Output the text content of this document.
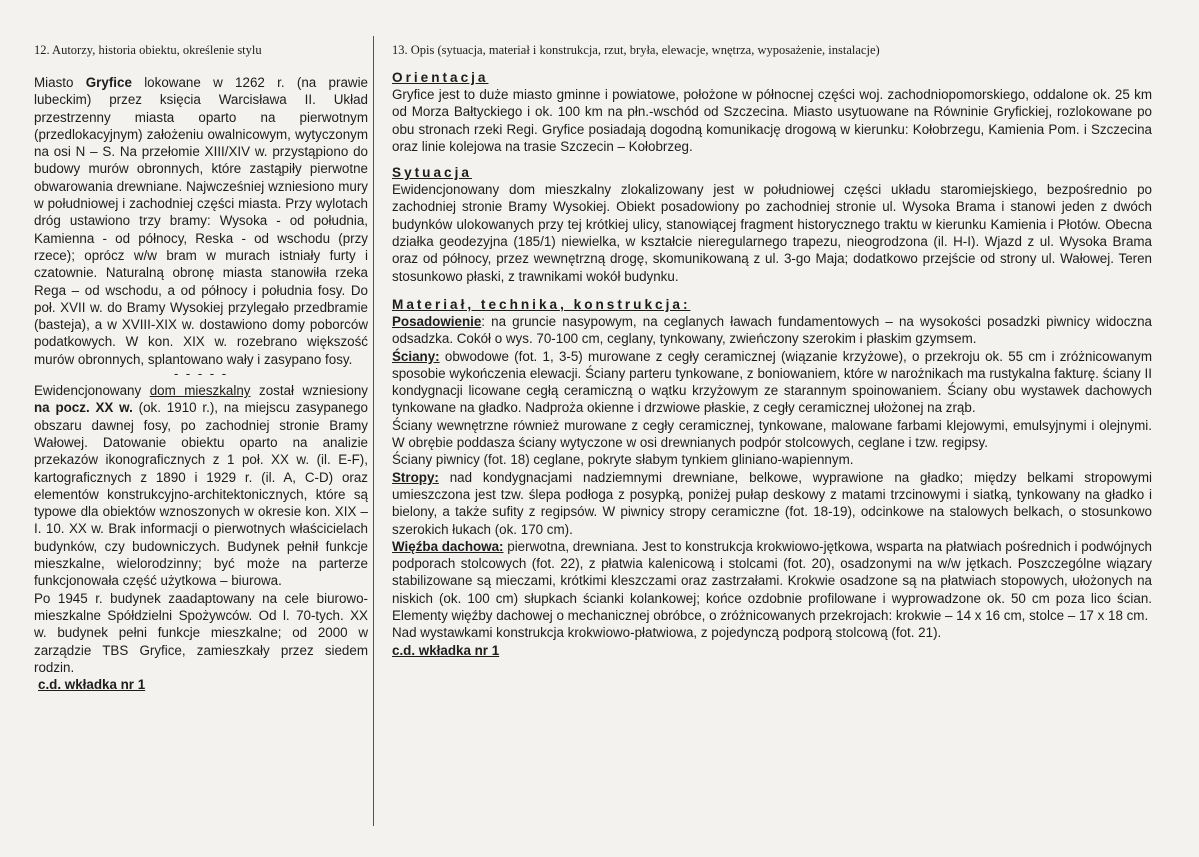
12. Autorzy, historia obiektu, określenie stylu

Miasto Gryfice lokowane w 1262 r. (na prawie lubeckim) przez księcia Warcisława II. Układ przestrzenny miasta oparto na pierwotnym (przedlokacyjnym) założeniu owalnicowym, wytyczonym na osi N – S. Na przełomie XIII/XIV w. przystąpiono do budowy murów obronnych, które zastąpiły pierwotne obwarowania drewniane. Najwcześniej wzniesiono mury w południowej i zachodniej części miasta. Przy wylotach dróg ustawiono trzy bramy: Wysoka - od południa, Kamienna - od północy, Reska - od wschodu (przy rzece); oprócz w/w bram w murach istniały furty i czatownie. Naturalną obronę miasta stanowiła rzeka Rega – od wschodu, a od północy i południa fosy. Do poł. XVII w. do Bramy Wysokiej przylegało przedbramie (basteja), a w XVIII-XIX w. dostawiono domy poborców podatkowych. W kon. XIX w. rozebrano większość murów obronnych, splantowano wały i zasypano fosy.

- - - - -

Ewidencjonowany dom mieszkalny został wzniesiony na pocz. XX w. (ok. 1910 r.), na miejscu zasypanego obszaru dawnej fosy, po zachodniej stronie Bramy Wałowej. Datowanie obiektu oparto na analizie przekazów ikonograficznych z 1 poł. XX w. (il. E-F), kartograficznych z 1890 i 1929 r. (il. A, C-D) oraz elementów konstrukcyjno-architektonicznych, które są typowe dla obiektów wznoszonych w okresie kon. XIX – I. 10. XX w. Brak informacji o pierwotnych właścicielach budynków, czy budowniczych. Budynek pełnił funkcje mieszkalne, wielorodzinny; być może na parterze funkcjonowała część użytkowa – biurowa.

Po 1945 r. budynek zaadaptowany na cele biurowo-mieszkalne Spółdzielni Spożywców. Od l. 70-tych. XX w. budynek pełni funkcje mieszkalne; od 2000 w zarządzie TBS Gryfice, zamieszkały przez siedem rodzin.

c.d. wkładka nr 1
13. Opis (sytuacja, materiał i konstrukcja, rzut, bryła, elewacje, wnętrza, wyposażenie, instalacje)
Orientacja

Gryfice jest to duże miasto gminne i powiatowe, położone w północnej części woj. zachodniopomorskiego, oddalone ok. 25 km od Morza Bałtyckiego i ok. 100 km na płn.-wschód od Szczecina. Miasto usytuowane na Równinie Gryfickiej, rozlokowane po obu stronach rzeki Regi. Gryfice posiadają dogodną komunikację drogową w kierunku: Kołobrzegu, Kamienia Pom. i Szczecina oraz linie kolejowa na trasie Szczecin – Kołobrzeg.

Sytuacja

Ewidencjonowany dom mieszkalny zlokalizowany jest w południowej części układu staromiejskiego, bezpośrednio po zachodniej stronie Bramy Wysokiej. Obiekt posadowiony po zachodniej stronie ul. Wysoka Brama i stanowi jeden z dwóch budynków ulokowanych przy tej krótkiej ulicy, stanowiącej fragment historycznego traktu w kierunku Kamienia i Płotów. Obecna działka geodezyjna (185/1) niewielka, w kształcie nieregularnego trapezu, nieogrodzona (il. H-I). Wjazd z ul. Wysoka Brama oraz od północy, przez wewnętrzną drogę, skomunikowaną z ul. 3-go Maja; dodatkowo przejście od strony ul. Wałowej. Teren stosunkowo płaski, z trawnikami wokół budynku.

Materiał, technika, konstrukcja:

Posadowienie: na gruncie nasypowym, na ceglanych ławach fundamentowych – na wysokości posadzki piwnicy widoczna odsadzka. Cokół o wys. 70-100 cm, ceglany, tynkowany, zwieńczony szerokim i płaskim gzymsem.

Ściany: obwodowe (fot. 1, 3-5) murowane z cegły ceramicznej (wiązanie krzyżowe), o przekroju ok. 55 cm i zróżnicowanym sposobie wykończenia elewacji. Ściany parteru tynkowane, z boniowaniem, które w narożnikach ma rustykalna fakturę. ściany II kondygnacji licowane cegłą ceramiczną o wątku krzyżowym ze starannym spoinowaniem. Ściany obu wystawek dachowych tynkowane na gładko. Nadproża okienne i drzwiowe płaskie, z cegły ceramicznej ułożonej na zrąb.

Ściany wewnętrzne również murowane z cegły ceramicznej, tynkowane, malowane farbami klejowymi, emulsyjnymi i olejnymi. W obrębie poddasza ściany wytyczone w osi drewnianych podpór stolcowych, ceglane i tzw. regipsy.

Ściany piwnicy (fot. 18) ceglane, pokryte słabym tynkiem gliniano-wapiennym.

Stropy: nad kondygnacjami nadziemnymi drewniane, belkowe, wyprawione na gładko; między belkami stropowymi umieszczona jest tzw. ślepa podłoga z posypką, poniżej pułap deskowy z matami trzcinowymi i siatką, tynkowany na gładko i bielony, a także sufity z regipsów. W piwnicy stropy ceramiczne (fot. 18-19), odcinkowe na stalowych belkach, o stosunkowo szerokich łukach (ok. 170 cm).

Więźba dachowa: pierwotna, drewniana. Jest to konstrukcja krokwiowo-jętkowa, wsparta na płatwiach pośrednich i podwójnych podporach stolcowych (fot. 22), z płatwia kalenicową i stolcami (fot. 20), osadzonymi na w/w jętkach. Poszczególne wiązary stabilizowane są mieczami, krótkimi kleszczami oraz zastrzałami. Krokwie osadzone są na płatwiach stopowych, ułożonych na niskich (ok. 100 cm) słupkach ścianki kolankowej; końce ozdobnie profilowane i wyprowadzone ok. 50 cm poza lico ścian. Elementy więźby dachowej o mechanicznej obróbce, o zróżnicowanych przekrojach: krokwie – 14 x 16 cm, stolce – 17 x 18 cm.

Nad wystawkami konstrukcja krokwiowo-płatwiowa, z pojedynczą podporą stolcową (fot. 21).

c.d. wkładka nr 1
